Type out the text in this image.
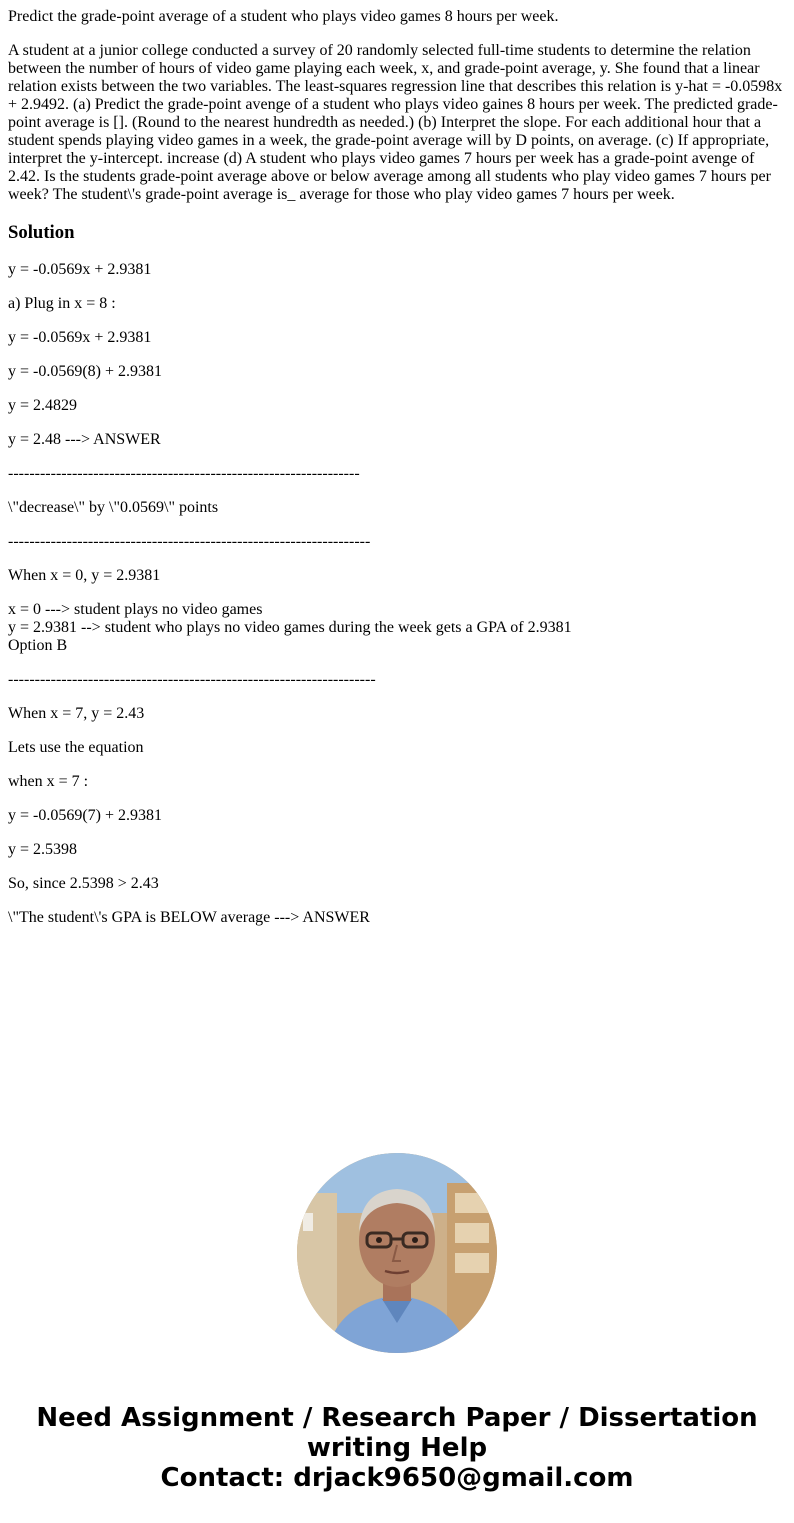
Predict the grade-point average of a student who plays video games 8 hours per week.

A student at a junior college conducted a survey of 20 randomly selected full-time students to determine the relation between the number of hours of video game playing each week, x, and grade-point average, y. She found that a linear relation exists between the two variables. The least-squares regression line that describes this relation is y-hat = -0.0598x + 2.9492. (a) Predict the grade-point avenge of a student who plays video gaines 8 hours per week. The predicted grade-point average is []. (Round to the nearest hundredth as needed.) (b) Interpret the slope. For each additional hour that a student spends playing video games in a week, the grade-point average will by D points, on average. (c) If appropriate, interpret the y-intercept. increase (d) A student who plays video games 7 hours per week has a grade-point avenge of 2.42. Is the students grade-point average above or below average among all students who play video games 7 hours per week? The student\'s grade-point average is_ average for those who play video games 7 hours per week.

Solution

y = -0.0569x + 2.9381

a) Plug in x = 8 :

y = -0.0569x + 2.9381

y = -0.0569(8) + 2.9381

y = 2.4829

y = 2.48 ---> ANSWER

------------------------------------------------------------------

\"decrease\" by \"0.0569\" points

--------------------------------------------------------------------

When x = 0, y = 2.9381

x = 0 ---> student plays no video games
y = 2.9381 --> student who plays no video games during the week gets a GPA of 2.9381
Option B

---------------------------------------------------------------------

When x = 7, y = 2.43

Lets use the equation

when x = 7 :

y = -0.0569(7) + 2.9381

y = 2.5398

So, since 2.5398 > 2.43

\"The student\'s GPA is BELOW average ---> ANSWER

Need Assignment / Research Paper / Dissertation
writing Help
Contact: drjack9650@gmail.com
